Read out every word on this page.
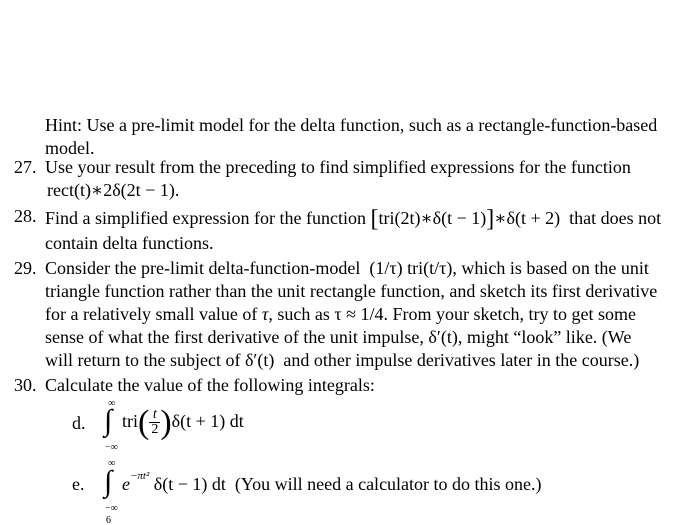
Hint: Use a pre-limit model for the delta function, such as a rectangle-function-based
model.
27. Use your result from the preceding to find simplified expressions for the function
rect(t)∗2δ(2t − 1).
28. Find a simplified expression for the function [tri(2t)∗δ(t − 1)]∗δ(t + 2) that does not
contain delta functions.
29. Consider the pre-limit delta-function-model (1/τ) tri(t/τ), which is based on the unit
triangle function rather than the unit rectangle function, and sketch its first derivative
for a relatively small value of τ, such as τ ≈ 1/4. From your sketch, try to get some
sense of what the first derivative of the unit impulse, δ′(t), might “look” like. (We
will return to the subject of δ′(t) and other impulse derivatives later in the course.)
30. Calculate the value of the following integrals:
d.
∞
∫
−∞
$tri( \frac{t}{2} )\delta(t + 1)$ dt
e.
∞
∫
−∞
$e^{-\pi t^2}$ δ(t − 1) dt (You will need a calculator to do this one.)
6
